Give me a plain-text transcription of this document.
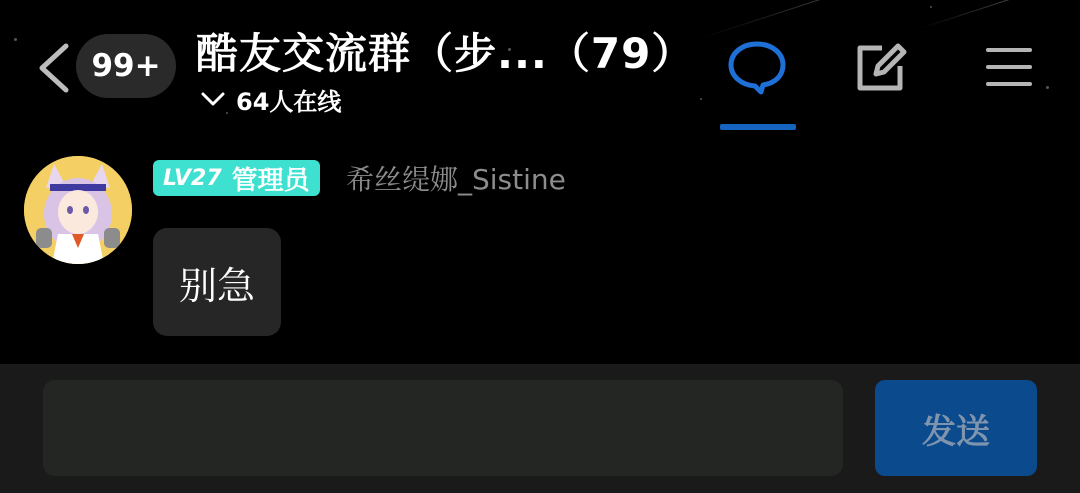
99+ 酷友交流群（步...（79）
64人在线
LV27 管理员 希丝缇娜_Sistine
别急
发送
